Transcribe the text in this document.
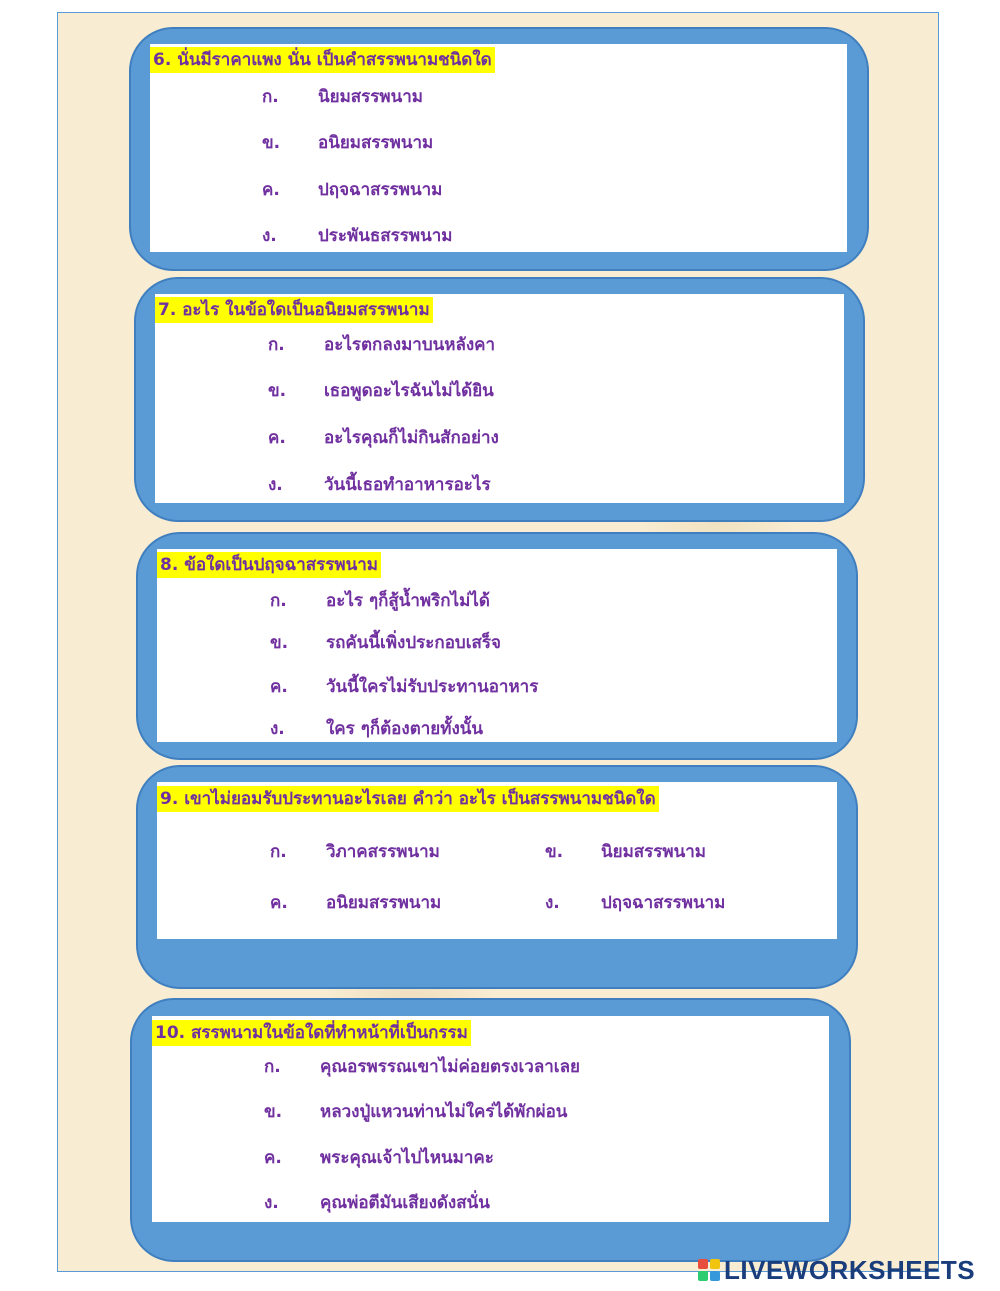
6. นั่นมีราคาแพง นั่น เป็นคำสรรพนามชนิดใด
ก. นิยมสรรพนาม
ข. อนิยมสรรพนาม
ค. ปฤจฉาสรรพนาม
ง. ประพันธสรรพนาม
7. อะไร ในข้อใดเป็นอนิยมสรรพนาม
ก. อะไรตกลงมาบนหลังคา
ข. เธอพูดอะไรฉันไม่ได้ยิน
ค. อะไรคุณก็ไม่กินสักอย่าง
ง. วันนี้เธอทำอาหารอะไร
8. ข้อใดเป็นปฤจฉาสรรพนาม
ก. อะไร ๆก็สู้น้ำพริกไม่ได้
ข. รถคันนี้เพิ่งประกอบเสร็จ
ค. วันนี้ใครไม่รับประทานอาหาร
ง. ใคร ๆก็ต้องตายทั้งนั้น
9. เขาไม่ยอมรับประทานอะไรเลย คำว่า อะไร เป็นสรรพนามชนิดใด
ก. วิภาคสรรพนาม	ข. นิยมสรรพนาม
ค. อนิยมสรรพนาม	ง. ปฤจฉาสรรพนาม
10. สรรพนามในข้อใดที่ทำหน้าที่เป็นกรรม
ก. คุณอรพรรณเขาไม่ค่อยตรงเวลาเลย
ข. หลวงปู่แหวนท่านไม่ใคร่ได้พักผ่อน
ค. พระคุณเจ้าไปไหนมาคะ
ง. คุณพ่อตีมันเสียงดังสนั่น
LIVEWORKSHEETS
